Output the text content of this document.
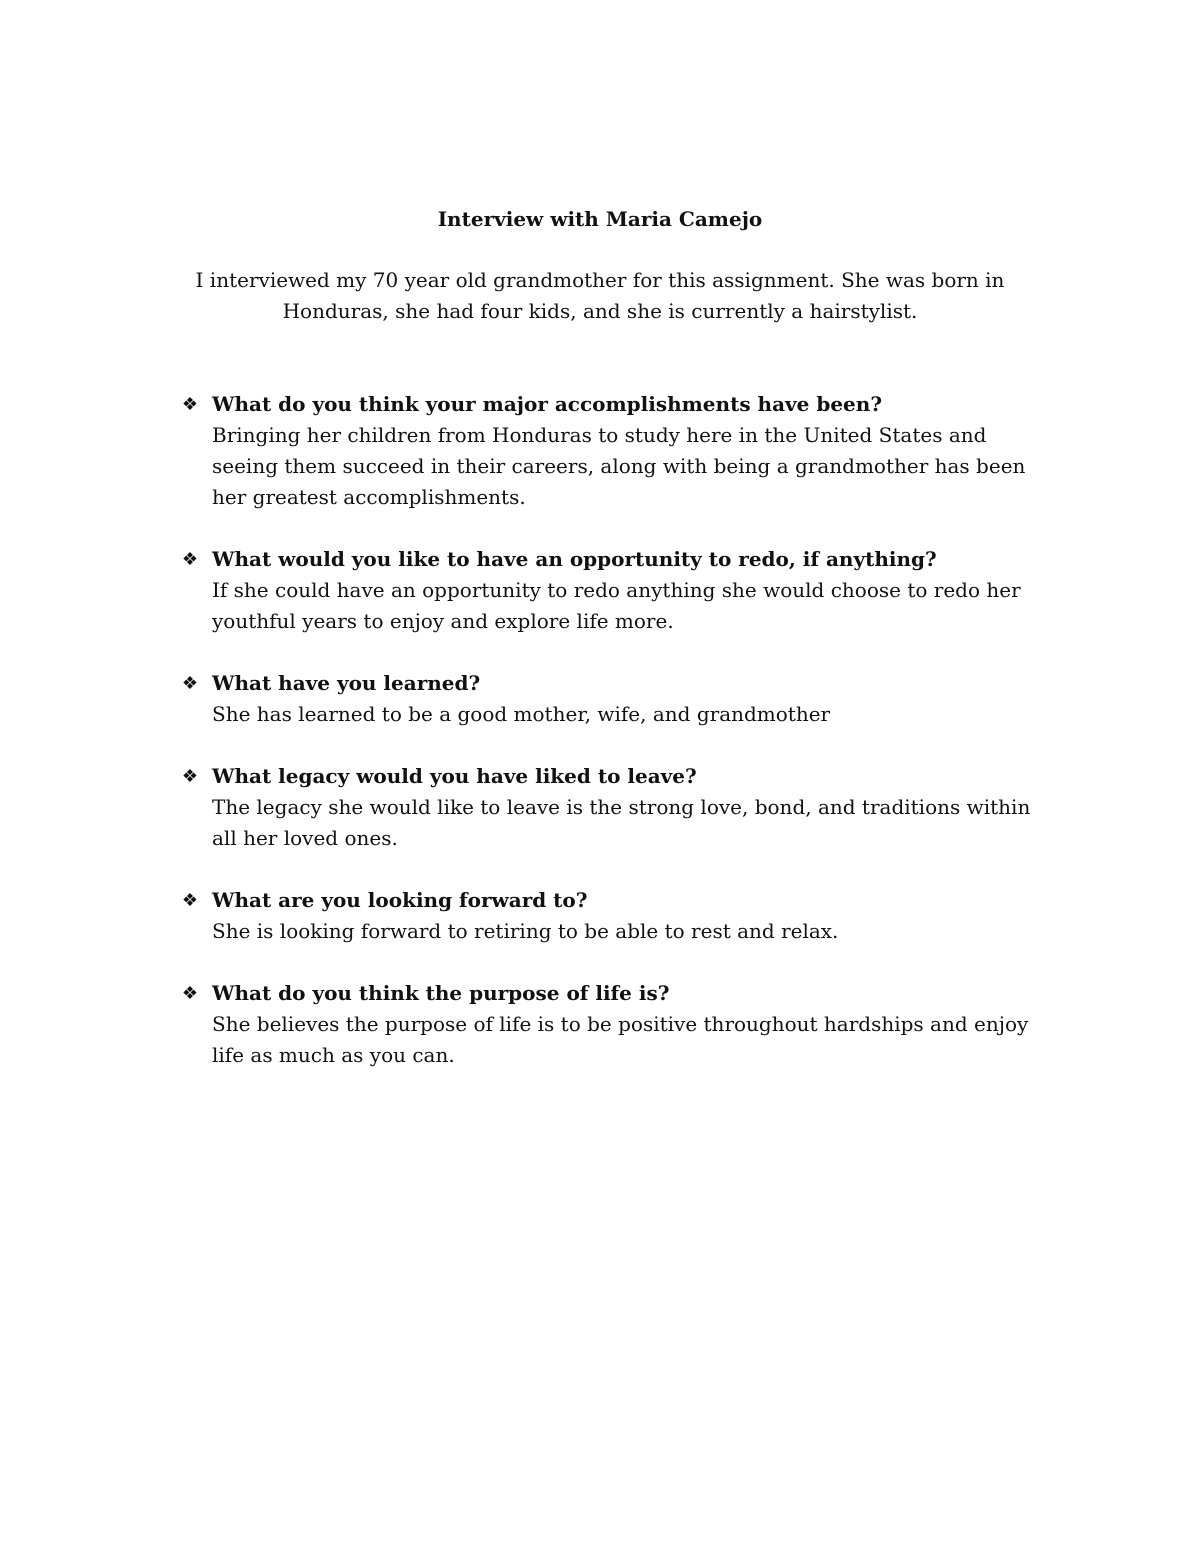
Interview with Maria Camejo

I interviewed my 70 year old grandmother for this assignment. She was born in Honduras, she had four kids, and she is currently a hairstylist.

❖ What do you think your major accomplishments have been?
Bringing her children from Honduras to study here in the United States and seeing them succeed in their careers, along with being a grandmother has been her greatest accomplishments.
❖ What would you like to have an opportunity to redo, if anything?
If she could have an opportunity to redo anything she would choose to redo her youthful years to enjoy and explore life more.
❖ What have you learned?
She has learned to be a good mother, wife, and grandmother
❖ What legacy would you have liked to leave?
The legacy she would like to leave is the strong love, bond, and traditions within all her loved ones.
❖ What are you looking forward to?
She is looking forward to retiring to be able to rest and relax.
❖ What do you think the purpose of life is?
She believes the purpose of life is to be positive throughout hardships and enjoy life as much as you can.
